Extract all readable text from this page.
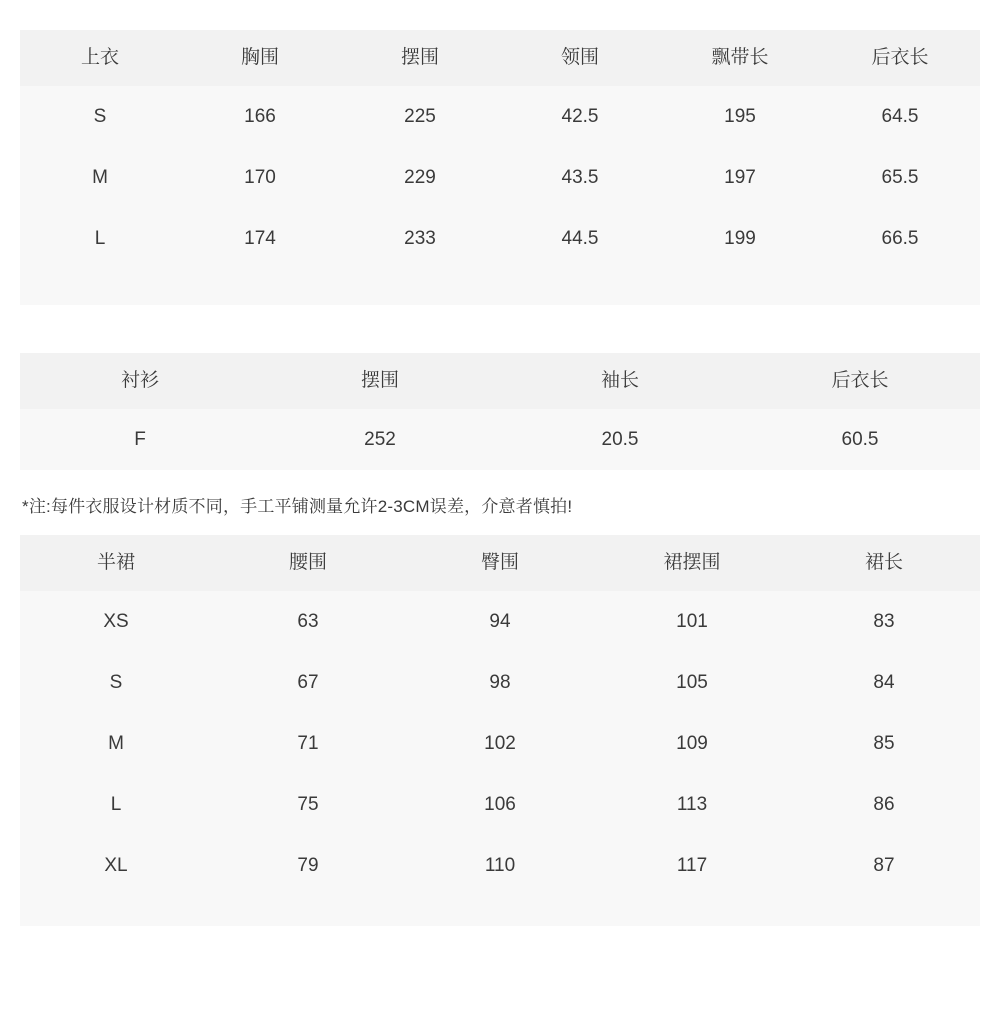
上衣	胸围	摆围	领围	飘带长	后衣长
S	166	225	42.5	195	64.5
M	170	229	43.5	197	65.5
L	174	233	44.5	199	66.5
衬衫	摆围	袖长	后衣长
F	252	20.5	60.5
*注:每件衣服设计材质不同，手工平铺测量允许2-3CM误差，介意者慎拍!
半裙	腰围	臀围	裙摆围	裙长
XS	63	94	101	83
S	67	98	105	84
M	71	102	109	85
L	75	106	113	86
XL	79	110	117	87
